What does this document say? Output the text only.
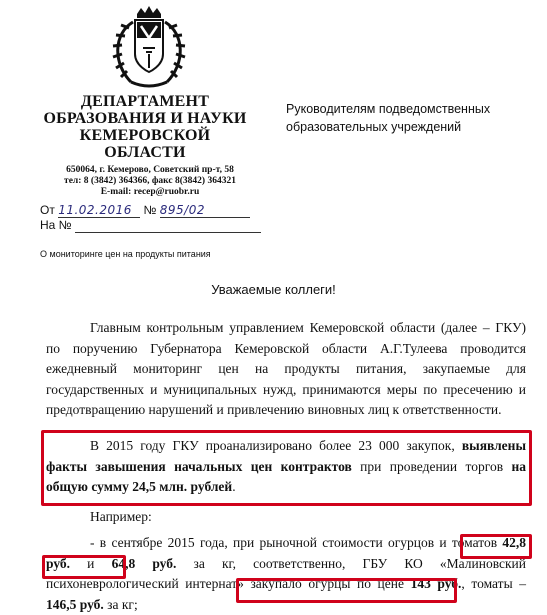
ДЕПАРТАМЕНТ
ОБРАЗОВАНИЯ И НАУКИ
КЕМЕРОВСКОЙ ОБЛАСТИ
650064, г. Кемерово, Советский пр-т, 58
тел: 8 (3842) 364366, факс 8(3842) 364321
E-mail: recep@ruobr.ru
Руководителям подведомственных
образовательных учреждений
От 11.02.2016 № 895/02
На №
О мониторинге цен на продукты питания
Уважаемые коллеги!
Главным контрольным управлением Кемеровской области (далее – ГКУ) по поручению Губернатора Кемеровской области А.Г.Тулеева проводится ежедневный мониторинг цен на продукты питания, закупаемые для государственных и муниципальных нужд, принимаются меры по пресечению и предотвращению нарушений и привлечению виновных лиц к ответственности.
В 2015 году ГКУ проанализировано более 23 000 закупок, выявлены факты завышения начальных цен контрактов при проведении торгов на общую сумму 24,5 млн. рублей.
Например:
- в сентябре 2015 года, при рыночной стоимости огурцов и томатов 42,8 руб. и 64,8 руб. за кг, соответственно, ГБУ КО «Малиновский психоневрологический интернат» закупало огурцы по цене 143 руб., томаты – 146,5 руб. за кг;
